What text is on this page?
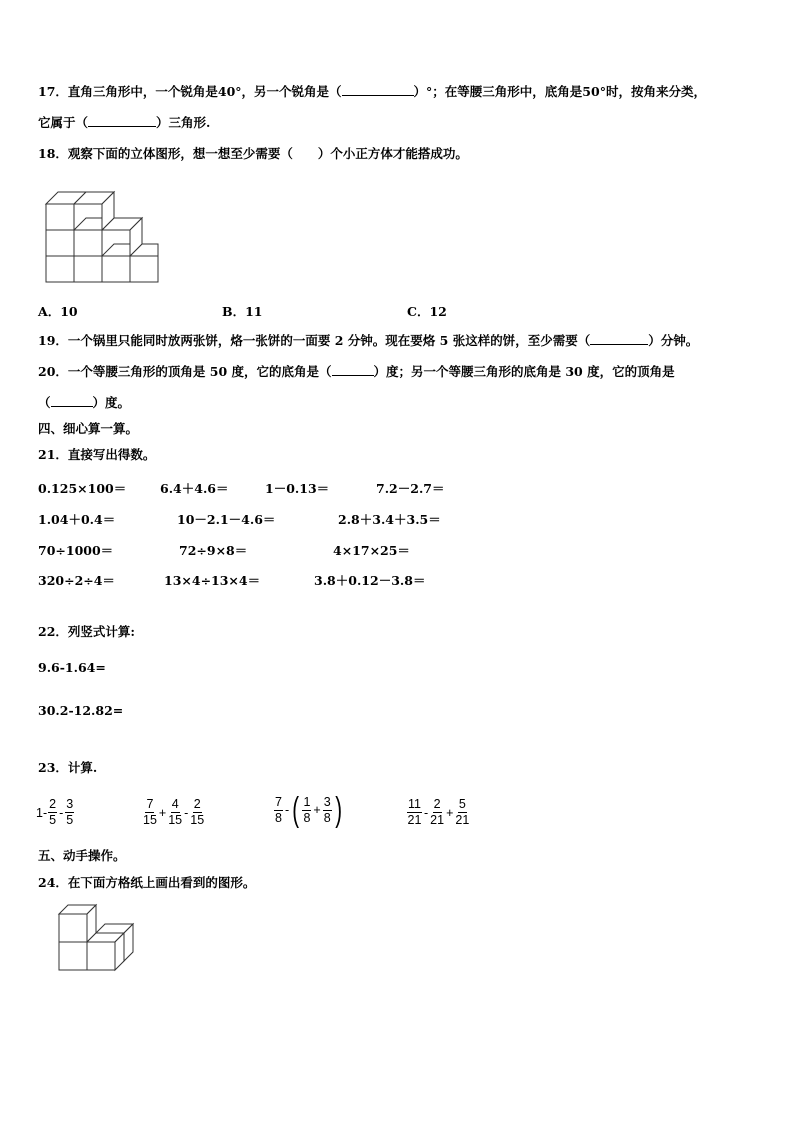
17．直角三角形中，一个锐角是40°，另一个锐角是（	）°；在等腰三角形中，底角是50°时，按角来分类，
它属于（	）三角形.
18．观察下面的立体图形，想一想至少需要（　　）个小正方体才能搭成功。
A．10	B．11	C．12
19．一个锅里只能同时放两张饼，烙一张饼的一面要 2 分钟。现在要烙 5 张这样的饼，至少需要（	）分钟。
20．一个等腰三角形的顶角是 50 度，它的底角是（	）度；另一个等腰三角形的底角是 30 度，它的顶角是
（	）度。
四、细心算一算。
21．直接写出得数。
0.125×100＝	6.4＋4.6＝	1－0.13＝	7.2－2.7＝
1.04＋0.4＝	10－2.1－4.6＝	2.8＋3.4＋3.5＝
70÷1000＝	72÷9×8＝	4×17×25＝
320÷2÷4＝	13×4÷13×4＝	3.8＋0.12－3.8＝
22．列竖式计算:
9.6-1.64=
30.2-12.82=
23．计算.
$1- \frac{2}{5} - \frac{3}{5}$	$\frac{7}{15} + \frac{4}{15} - \frac{2}{15}$	$\frac{7}{8}$ - ( $\frac{1}{8} + \frac{3}{8}$ )	$\frac{11}{21} - \frac{2}{21} + \frac{5}{21}$
五、动手操作。
24．在下面方格纸上画出看到的图形。
